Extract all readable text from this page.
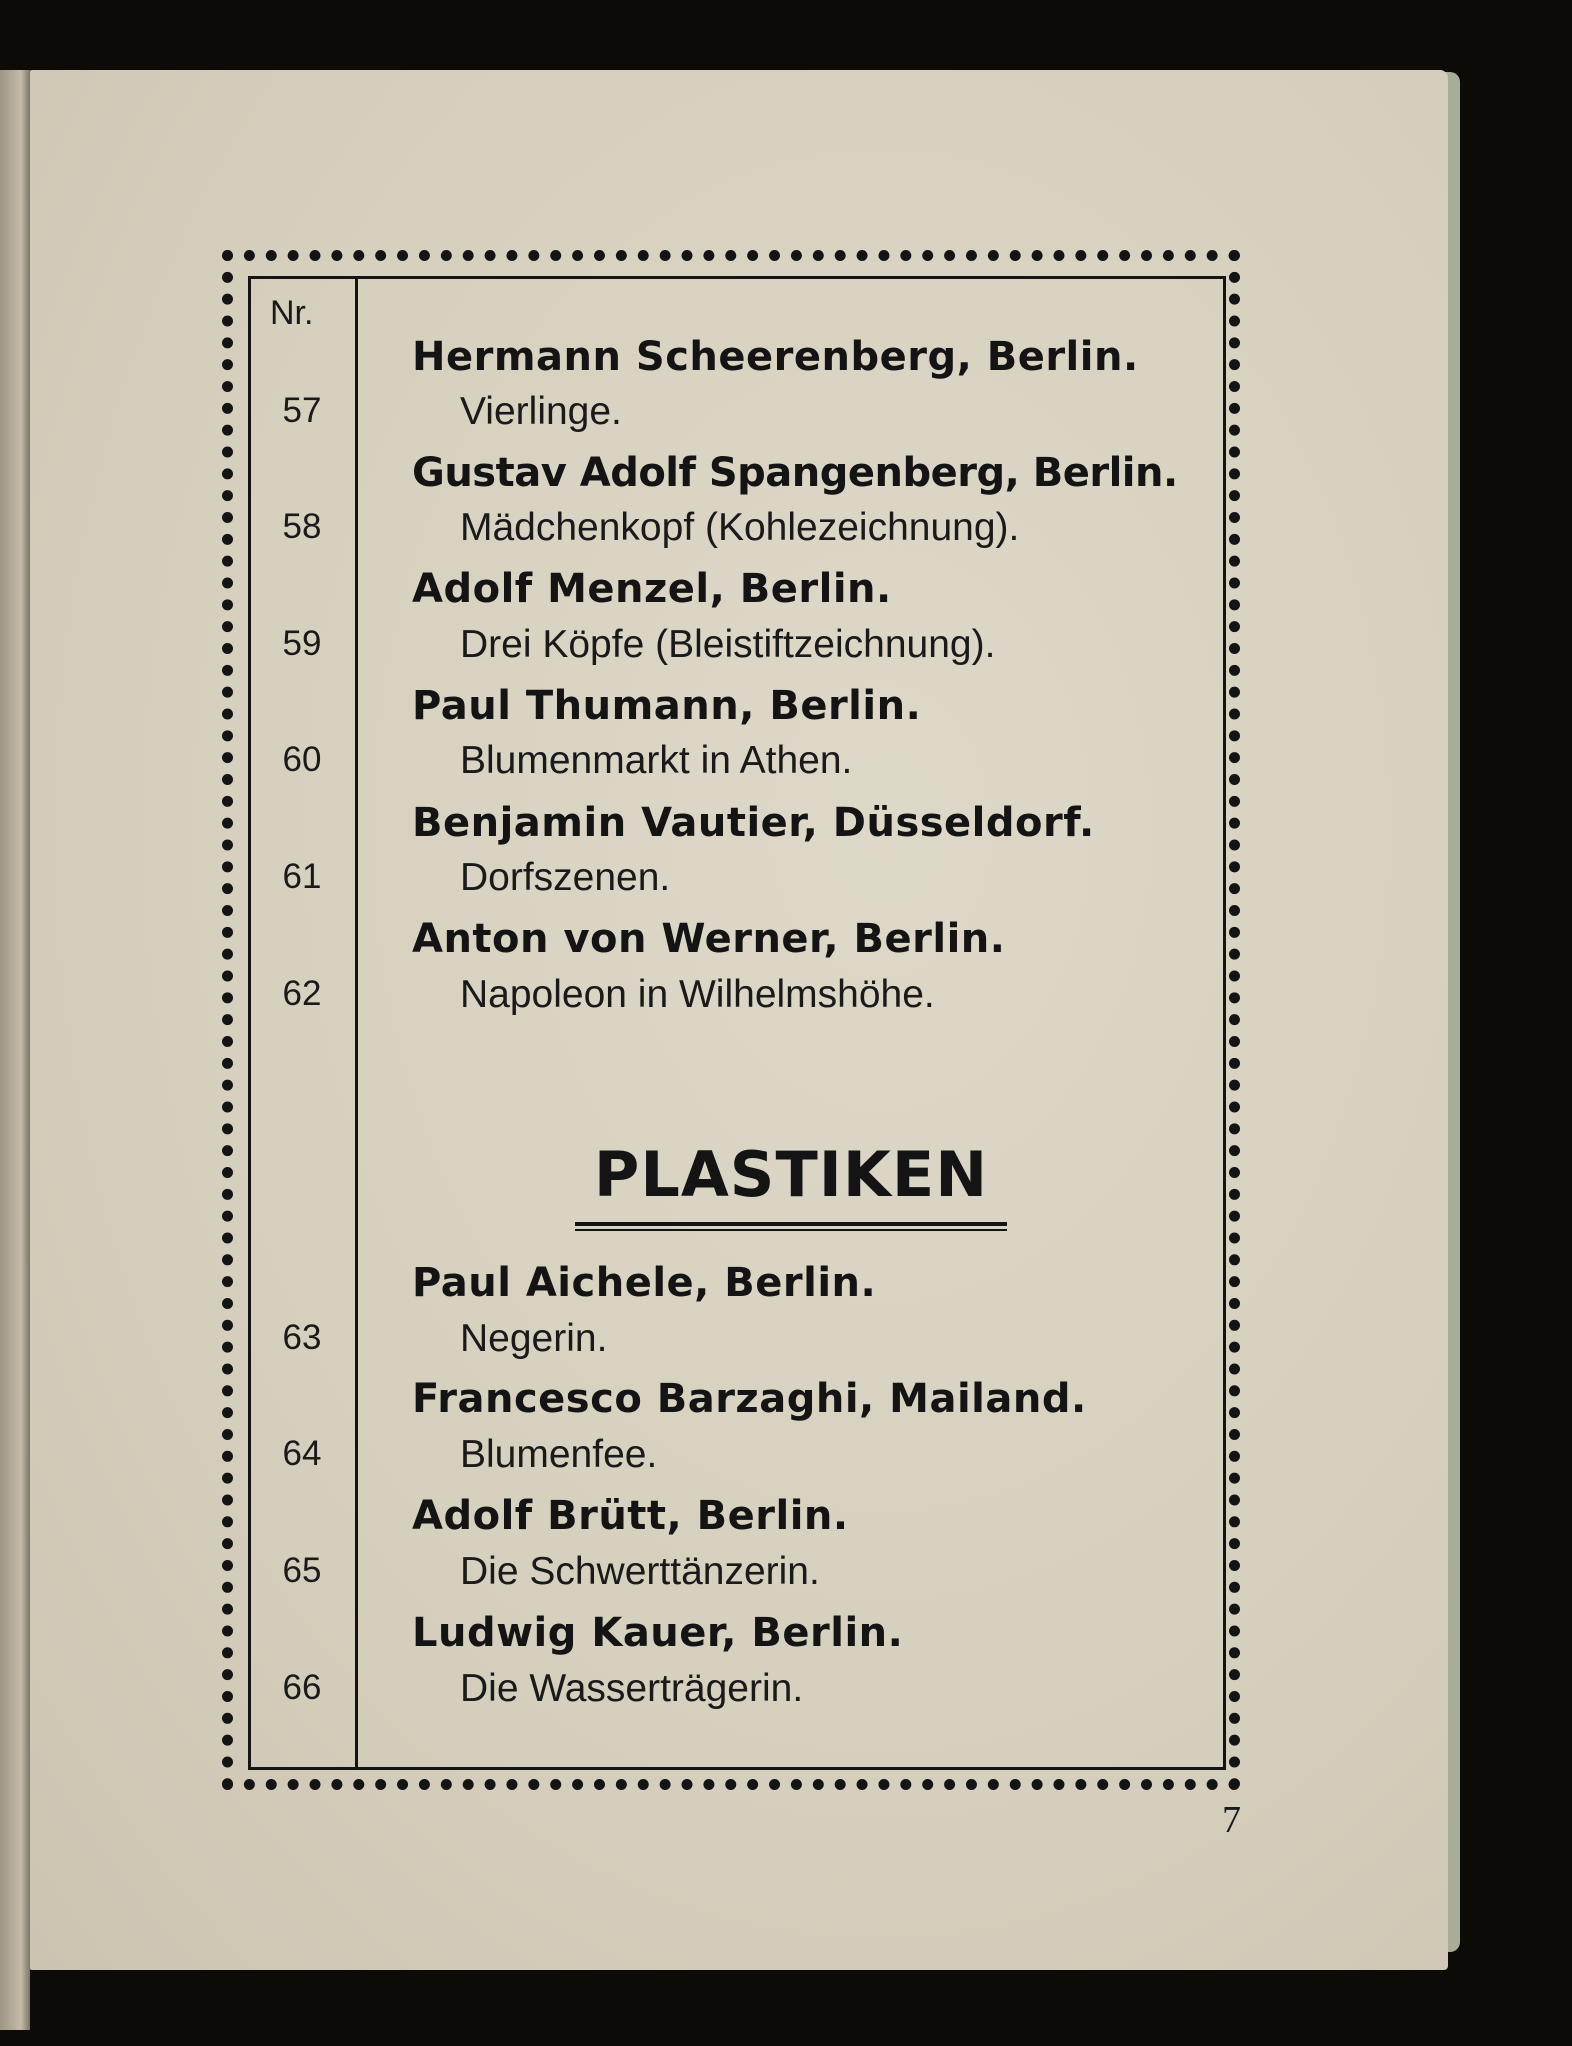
Nr.
Hermann Scheerenberg, Berlin.
57	Vierlinge.
Gustav Adolf Spangenberg, Berlin.
58	Mädchenkopf (Kohlezeichnung).
Adolf Menzel, Berlin.
59	Drei Köpfe (Bleistiftzeichnung).
Paul Thumann, Berlin.
60	Blumenmarkt in Athen.
Benjamin Vautier, Düsseldorf.
61	Dorfszenen.
Anton von Werner, Berlin.
62	Napoleon in Wilhelmshöhe.
PLASTIKEN
Paul Aichele, Berlin.
63	Negerin.
Francesco Barzaghi, Mailand.
64	Blumenfee.
Adolf Brütt, Berlin.
65	Die Schwerttänzerin.
Ludwig Kauer, Berlin.
66	Die Wasserträgerin.
7
